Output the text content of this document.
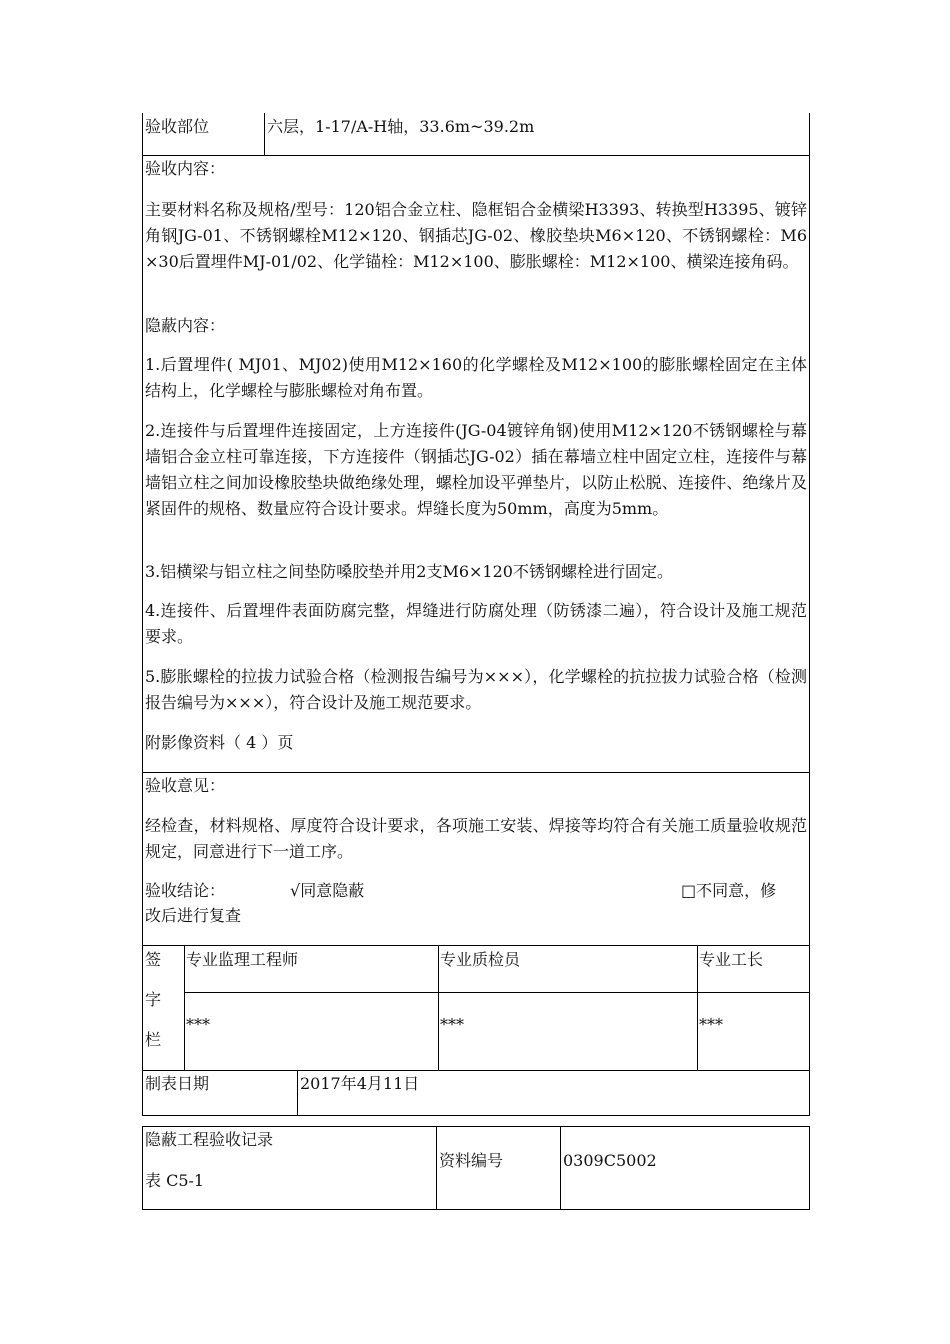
验收部位	六层，1-17/A-H轴，33.6m~39.2m
验收内容：
主要材料名称及规格/型号：120铝合金立柱、隐框铝合金横梁H3393、转换型H3395、镀锌角钢JG-01、不锈钢螺栓M12×120、钢插芯JG-02、橡胶垫块M6×120、不锈钢螺栓：M6×30后置埋件MJ-01/02、化学锚栓：M12×100、膨胀螺栓：M12×100、横梁连接角码。
隐蔽内容：
1.后置埋件( MJ01、MJ02)使用M12×160的化学螺栓及M12×100的膨胀螺栓固定在主体结构上，化学螺栓与膨胀螺检对角布置。
2.连接件与后置埋件连接固定，上方连接件(JG-04镀锌角钢)使用M12×120不锈钢螺栓与幕墙铝合金立柱可靠连接，下方连接件（钢插芯JG-02）插在幕墙立柱中固定立柱，连接件与幕墙铝立柱之间加设橡胶垫块做绝缘处理，螺栓加设平弹垫片，以防止松脱、连接件、绝缘片及紧固件的规格、数量应符合设计要求。焊缝长度为50mm，高度为5mm。
3.铝横梁与铝立柱之间垫防嗓胶垫并用2支M6×120不锈钢螺栓进行固定。
4.连接件、后置埋件表面防腐完整，焊缝进行防腐处理（防锈漆二遍），符合设计及施工规范要求。
5.膨胀螺栓的拉拔力试验合格（检测报告编号为×××），化学螺栓的抗拉拔力试验合格（检测报告编号为×××），符合设计及施工规范要求。
附影像资料（ 4 ）页
验收意见：
经检查，材料规格、厚度符合设计要求，各项施工安装、焊接等均符合有关施工质量验收规范规定，同意进行下一道工序。
验收结论：	√同意隐蔽	□不同意，修
改后进行复查
签
字
栏
专业监理工程师	专业质检员	专业工长
***	***	***
制表日期	2017年4月11日
隐蔽工程验收记录
表 C5-1
资料编号	0309C5002
